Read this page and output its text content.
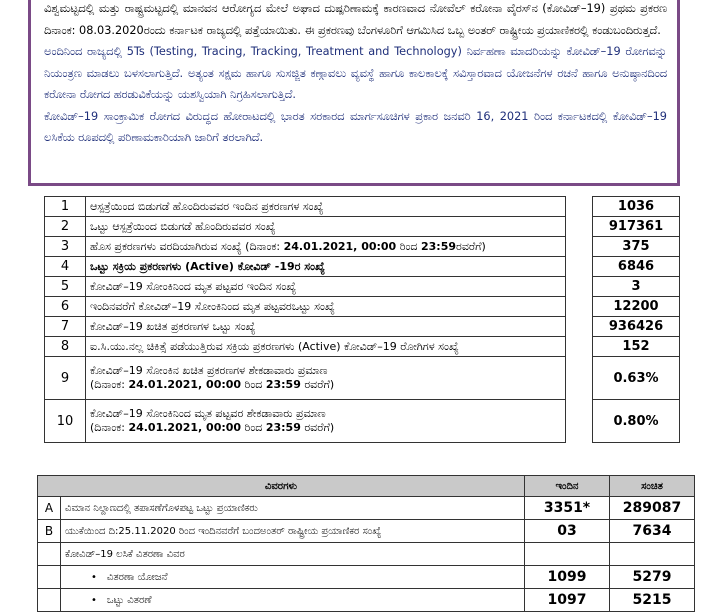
ವಿಶ್ವಮಟ್ಟದಲ್ಲಿ ಮತ್ತು ರಾಷ್ಟ್ರಮಟ್ಟದಲ್ಲಿ ಮಾನವನ ಆರೋಗ್ಯದ ಮೇಲೆ ಅಘಾದ ದುಷ್ಪರಿಣಾಮಕ್ಕೆ ಕಾರಣವಾದ ನೋವೆಲ್ ಕರೋನಾ ವೈರಸ್‌ನ (ಕೋವಿಡ್–19) ಪ್ರಥಮ ಪ್ರಕರಣ ದಿನಾಂಕ: 08.03.2020ರಂದು ಕರ್ನಾಟಕ ರಾಜ್ಯದಲ್ಲಿ ಪತ್ತೆಯಾಯಿತು. ಈ ಪ್ರಕರಣವು ಬೆಂಗಳೂರಿಗೆ ಆಗಮಿಸಿದ ಒಬ್ಬ ಅಂತರ್ ರಾಷ್ಟ್ರೀಯ ಪ್ರಯಾಣಿಕರಲ್ಲಿ ಕಂಡುಬಂದಿರುತ್ತದೆ.

ಅಂದಿನಿಂದ ರಾಜ್ಯದಲ್ಲಿ 5Ts (Testing, Tracing, Tracking, Treatment and Technology) ನಿರ್ವಹಣಾ ಮಾದರಿಯನ್ನು ಕೋವಿಡ್–19 ರೋಗವನ್ನು ನಿಯಂತ್ರಣ ಮಾಡಲು ಬಳಸಲಾಗುತ್ತಿದೆ. ಅತ್ಯಂತ ಸಕ್ಷಮ ಹಾಗೂ ಸುಸಜ್ಜಿತ ಕಣ್ಗಾವಲು ವ್ಯವಸ್ಥೆ ಹಾಗೂ ಕಾಲಕಾಲಕ್ಕೆ ಸವಿಸ್ತಾರವಾದ ಯೋಜನೆಗಳ ರಚನೆ ಹಾಗೂ ಅನುಷ್ಠಾನದಿಂದ ಕರೋನಾ ರೋಗದ ಹರಡುವಿಕೆಯನ್ನು ಯಶಸ್ವಿಯಾಗಿ ನಿಗ್ರಹಿಸಲಾಗುತ್ತಿದೆ.

ಕೋವಿಡ್–19 ಸಾಂಕ್ರಾಮಿಕ ರೋಗದ ವಿರುದ್ಧದ ಹೋರಾಟದಲ್ಲಿ ಭಾರತ ಸರಕಾರದ ಮಾರ್ಗಸೂಚಿಗಳ ಪ್ರಕಾರ ಜನವರಿ 16, 2021 ರಿಂದ ಕರ್ನಾಟಕದಲ್ಲಿ ಕೋವಿಡ್–19 ಲಸಿಕೆಯ ರೂಪದಲ್ಲಿ ಪರಿಣಾಮಕಾರಿಯಾಗಿ ಜಾರಿಗೆ ತರಲಾಗಿದೆ.

1	ಆಸ್ಪತ್ರೆಯಿಂದ ಬಿಡುಗಡೆ ಹೊಂದಿರುವವರ ಇಂದಿನ ಪ್ರಕರಣಗಳ ಸಂಖ್ಯೆ		1036
2	ಒಟ್ಟು ಆಸ್ಪತ್ರೆಯಿಂದ ಬಿಡುಗಡೆ ಹೊಂದಿರುವವರ ಸಂಖ್ಯೆ		917361
3	ಹೊಸ ಪ್ರಕರಣಗಳು ವರದಿಯಾಗಿರುವ ಸಂಖ್ಯೆ (ದಿನಾಂಕ: 24.01.2021, 00:00 ರಿಂದ 23:59ರವರೆಗೆ)		375
4	ಒಟ್ಟು ಸಕ್ರಿಯ ಪ್ರಕರಣಗಳು (Active) ಕೋವಿಡ್ -19ರ ಸಂಖ್ಯೆ		6846
5	ಕೋವಿಡ್–19 ಸೋಂಕಿನಿಂದ ಮೃತ ಪಟ್ಟವರ ಇಂದಿನ ಸಂಖ್ಯೆ		3
6	ಇಂದಿನವರೆಗೆ ಕೋವಿಡ್–19 ಸೋಂಕಿನಿಂದ ಮೃತ ಪಟ್ಟವರಒಟ್ಟು ಸಂಖ್ಯೆ		12200
7	ಕೋವಿಡ್–19 ಖಚಿತ ಪ್ರಕರಣಗಳ ಒಟ್ಟು ಸಂಖ್ಯೆ		936426
8	ಐ.ಸಿ.ಯು.ನಲ್ಲ ಚಿಕಿತ್ಸೆ ಪಡೆಯುತ್ತಿರುವ ಸಕ್ರಿಯ ಪ್ರಕರಣಗಳು (Active) ಕೋವಿಡ್–19 ರೋಗಿಗಳ ಸಂಖ್ಯೆ		152
9	ಕೋವಿಡ್–19 ಸೋಂಕಿನ ಖಚಿತ ಪ್ರಕರಣಗಳ ಶೇಕಡಾವಾರು ಪ್ರಮಾಣ
(ದಿನಾಂಕ: 24.01.2021, 00:00 ರಿಂದ 23:59 ರವರೆಗೆ)		0.63%
10	ಕೋವಿಡ್–19 ಸೋಂಕಿನಿಂದ ಮೃತ ಪಟ್ಟವರ ಶೇಕಡಾವಾರು ಪ್ರಮಾಣ
(ದಿನಾಂಕ: 24.01.2021, 00:00 ರಿಂದ 23:59 ರವರೆಗೆ)		0.80%
ವಿವರಗಳು		ಇಂದಿನ	ಸಂಚಿತ
A	ವಿಮಾನ ನಿಲ್ದಾಣದಲ್ಲಿ ತಪಾಸಣೆಗೊಳಪಟ್ಟ ಒಟ್ಟು ಪ್ರಯಾಣಿಕರು	3351*	289087
B	ಯುಕೆಯಿಂದ ದಿ:25.11.2020 ರಿಂದ ಇಂದಿನವರೆಗೆ ಬಂದಅಂತರ್ ರಾಷ್ಟ್ರೀಯ ಪ್ರಯಾಣಿಕರ ಸಂಖ್ಯೆ	03	7634
	ಕೋವಿಡ್–19 ಲಸಿಕೆ ವಿತರಣಾ ವಿವರ		
	• ವಿತರಣಾ ಯೋಜನೆ	1099	5279
	• ಒಟ್ಟು ವಿತರಣೆ	1097	5215
